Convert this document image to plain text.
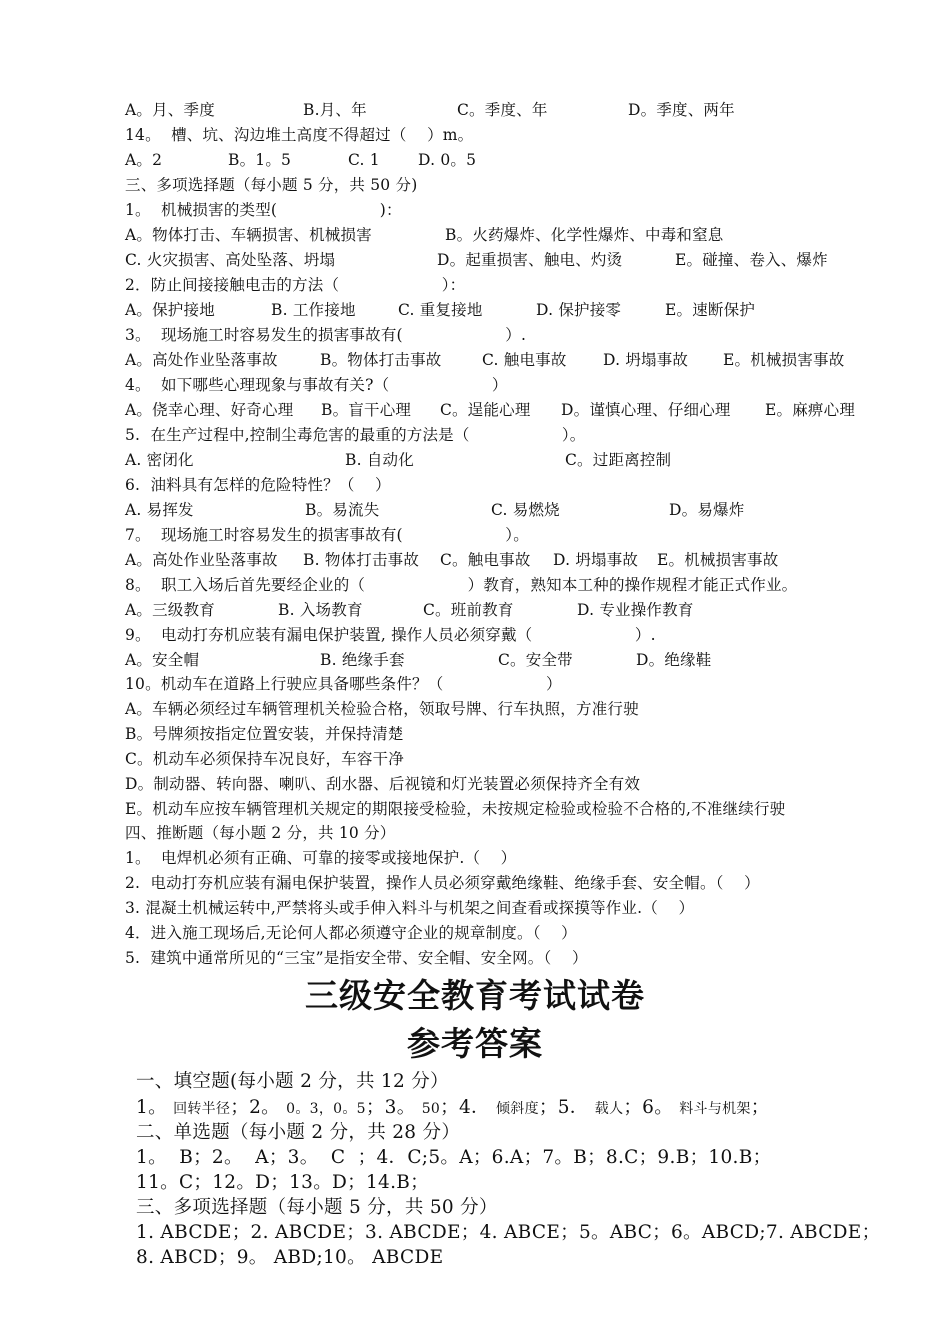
A。月、季度

	B.月、年

	C。季度、年

	D。季度、两年

14。  槽、坑、沟边堆土高度不得超过（    ）m。

A。2

	B。1。5

	C. 1

D. 0。5

三、多项选择题（每小题 5 分，共 50 分)
1。  机械损害的类型(                    )：

A。物体打击、车辆损害、机械损害

	B。火药爆炸、化学性爆炸、中毒和窒息

C. 火灾损害、高处坠落、坍塌

	D。起重损害、触电、灼烫

	E。碰撞、卷入、爆炸

2．防止间接接触电击的方法（                    ）：

A。保护接地

	B. 工作接地

	C. 重复接地

	D. 保护接零

	E。速断保护

3。  现场施工时容易发生的损害事故有(                    ）.

A。高处作业坠落事故

	B。物体打击事故

	C. 触电事故

D. 坍塌事故

E。机械损害事故

4。  如下哪些心理现象与事故有关?（                    ）

A。侥幸心理、好奇心理

B。盲干心理

C。逞能心理

D。谨慎心理、仔细心理

E。麻痹心理

5.  在生产过程中,控制尘毒危害的最重的方法是（                  ）。

A. 密闭化

	B. 自动化

	C。过距离控制

6.  油料具有怎样的危险特性？（    ）

A. 易挥发

	B。易流失

	C. 易燃烧

	D。易爆炸

7。  现场施工时容易发生的损害事故有(                    ）。

A。高处作业坠落事故

B. 物体打击事故

C。触电事故

D. 坍塌事故

E。机械损害事故

8。  职工入场后首先要经企业的（                    ）教育，熟知本工种的操作规程才能正式作业。

A。三级教育

	B. 入场教育

	C。班前教育

	D. 专业操作教育

9。  电动打夯机应装有漏电保护装置, 操作人员必须穿戴（                    ）.

A。安全帽

	B. 绝缘手套

	C。安全带

	D。绝缘鞋

10。机动车在道路上行驶应具备哪些条件？（                    ）
A。车辆必须经过车辆管理机关检验合格，领取号牌、行车执照，方准行驶
B。号牌须按指定位置安装，并保持清楚
C。机动车必须保持车况良好，车容干净
D。制动器、转向器、喇叭、刮水器、后视镜和灯光装置必须保持齐全有效
E。机动车应按车辆管理机关规定的期限接受检验，未按规定检验或检验不合格的,不准继续行驶
四、推断题（每小题 2 分，共 10 分）
1。  电焊机必须有正确、可靠的接零或接地保护.（    ）
2.  电动打夯机应装有漏电保护装置，操作人员必须穿戴绝缘鞋、绝缘手套、安全帽。（    ）
3. 混凝土机械运转中,严禁将头或手伸入料斗与机架之间查看或探摸等作业.（    ）
4．进入施工现场后,无论何人都必须遵守企业的规章制度。（    ）
5.  建筑中通常所见的“三宝”是指安全带、安全帽、安全网。（    ）
三级安全教育考试试卷
参考答案
一、填空题(每小题 2 分，共 12 分）
1。 回转半径；2。 0。3，0。5；3。 50；4． 倾斜度；5． 载人；6。 料斗与机架；
二、单选题（每小题 2 分，共 28 分）
1。  B；2。  A；3。  C  ；4．C;5。A；6.A；7。B；8.C；9.B；10.B；
11。C；12。D；13。D；14.B；
三、多项选择题（每小题 5 分，共 50 分）
1. ABCDE；2. ABCDE；3. ABCDE；4. ABCE；5。ABC；6。ABCD;7. ABCDE；
8. ABCD；9。 ABD;10。 ABCDE
